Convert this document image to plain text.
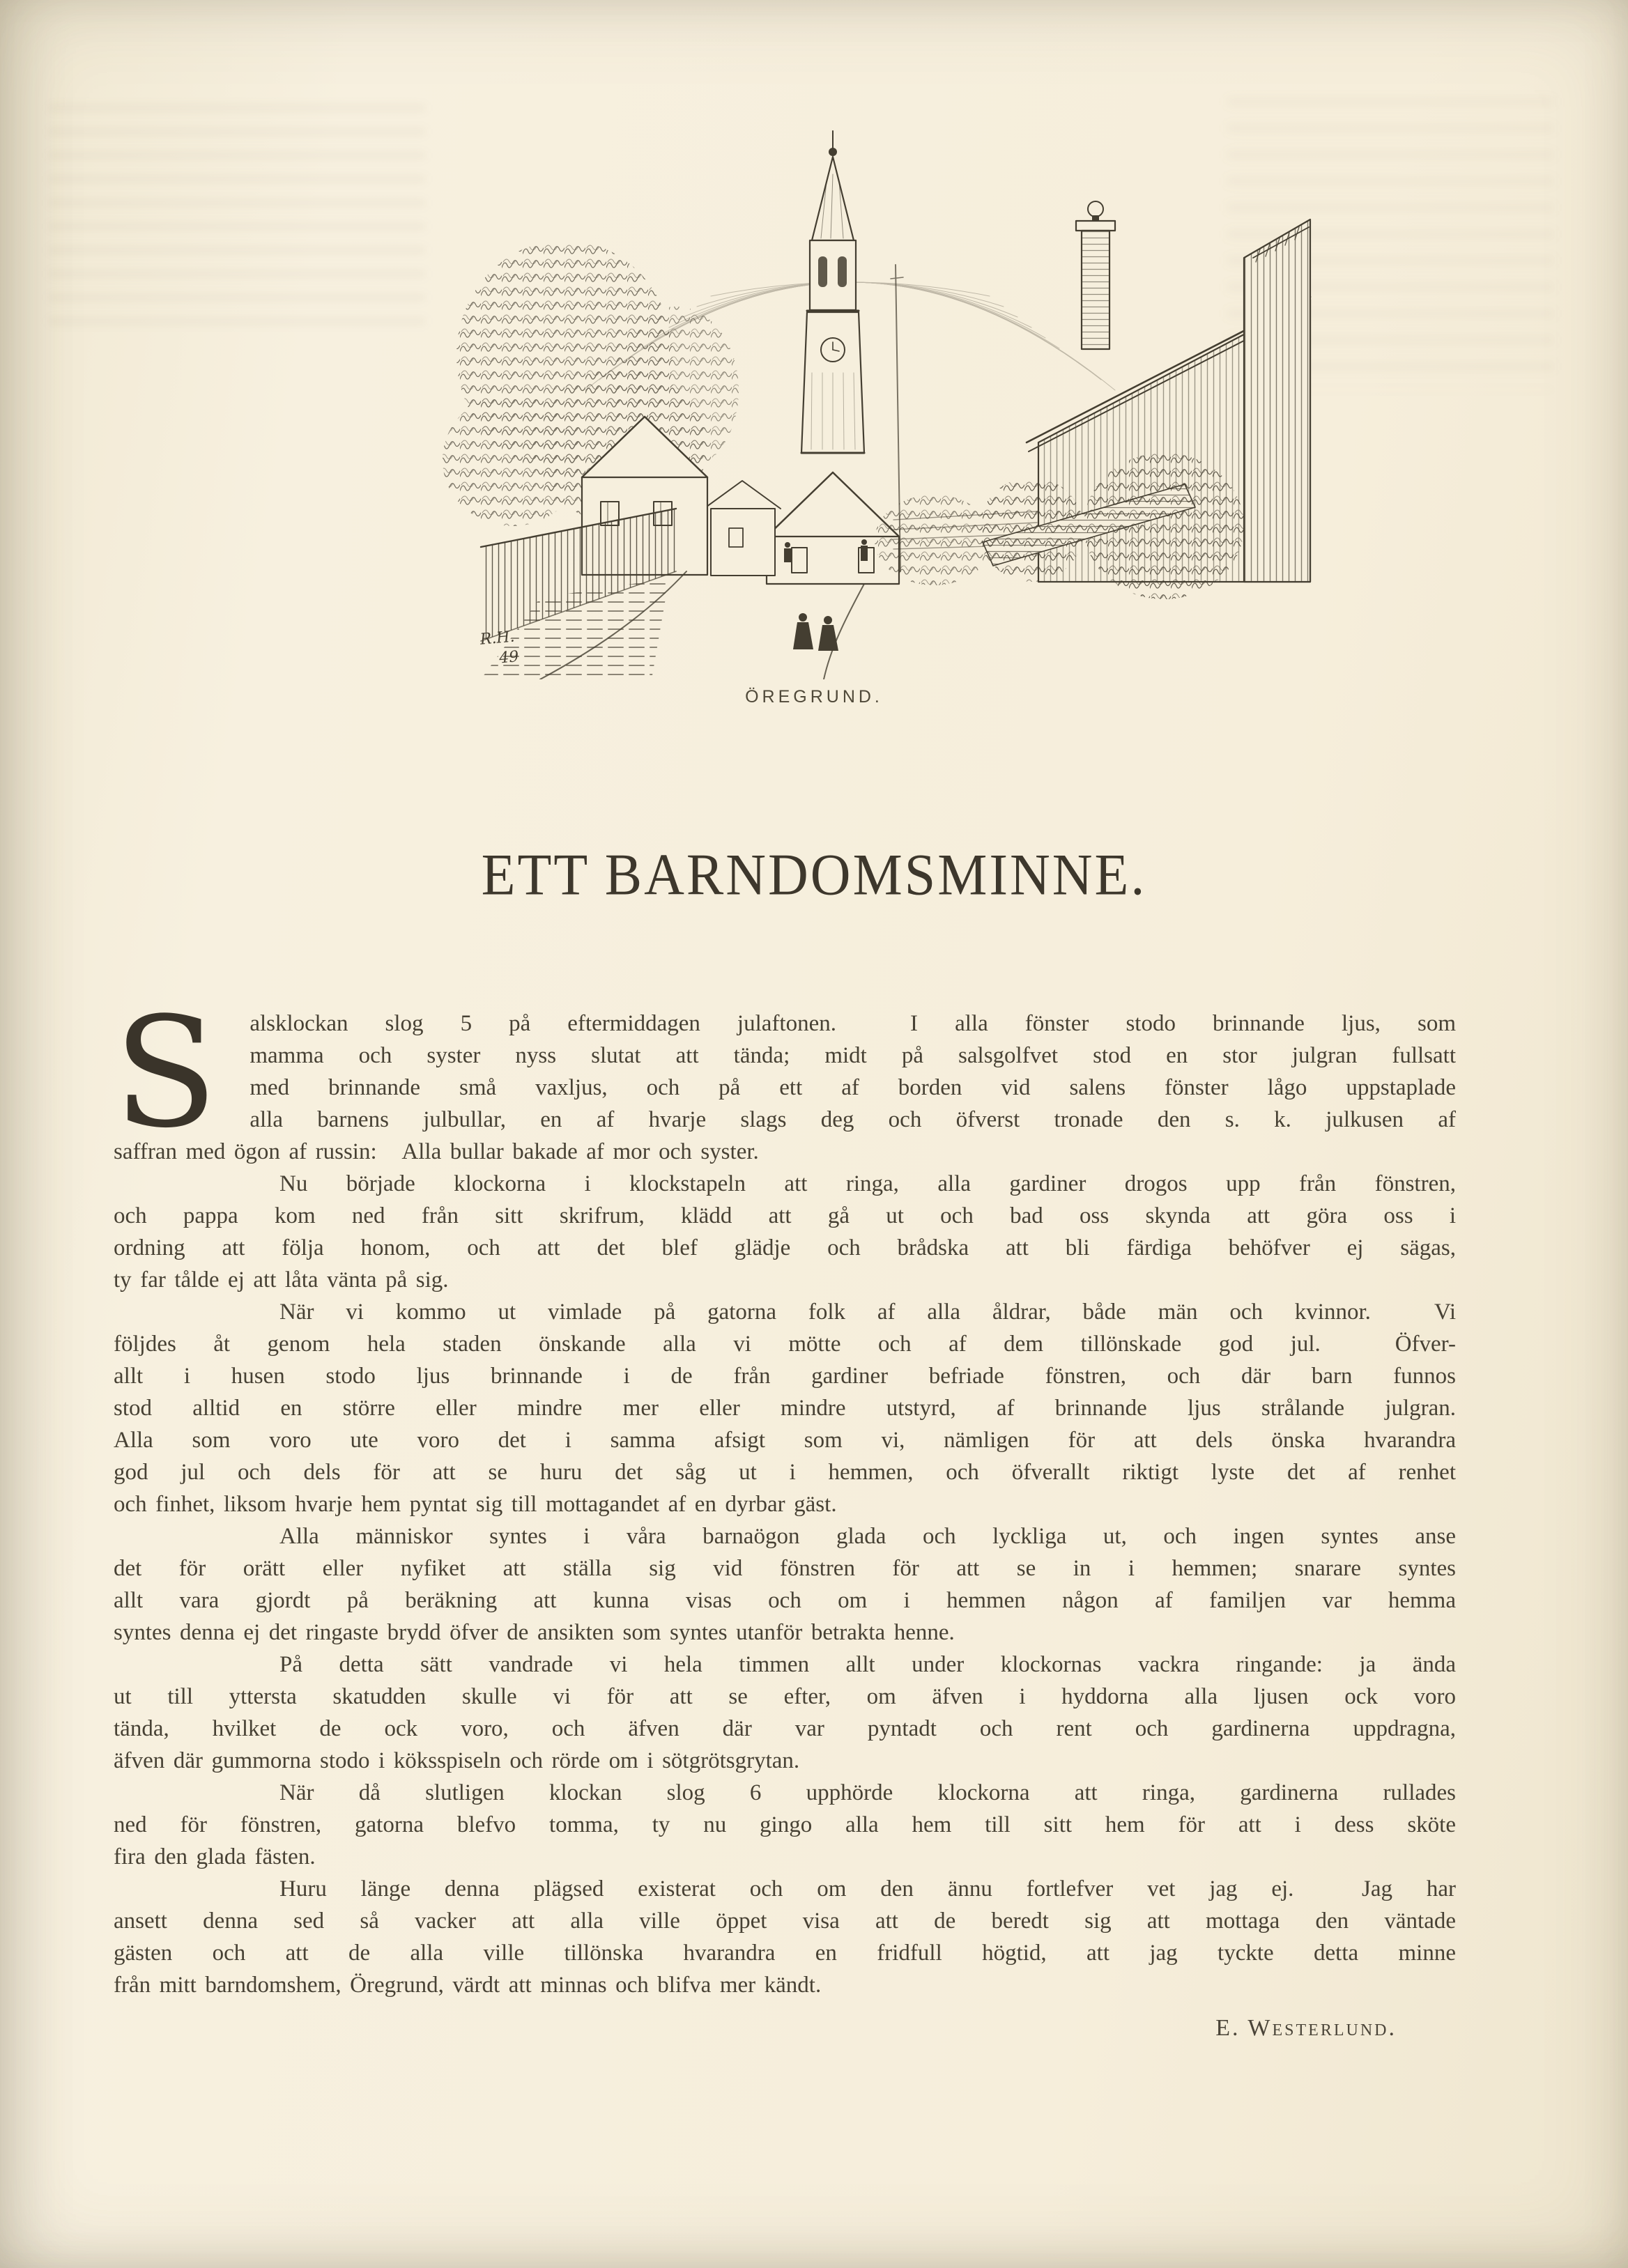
R.H.
49
ÖREGRUND.
ETT BARNDOMSMINNE.
S	alsklockan slog 5 på eftermiddagen julaftonen.  I alla fönster stodo brinnande ljus, som
mamma och syster nyss slutat att tända; midt på salsgolfvet stod en stor julgran fullsatt
med brinnande små vaxljus, och på ett af borden vid salens fönster lågo uppstaplade
alla barnens julbullar, en af hvarje slags deg och öfverst tronade den s. k. julkusen af
saffran med ögon af russin:   Alla bullar bakade af mor och syster.
Nu började klockorna i klockstapeln att ringa, alla gardiner drogos upp från fönstren,
och pappa kom ned från sitt skrifrum, klädd att gå ut och bad oss skynda att göra oss i
ordning att följa honom, och att det blef glädje och brådska att bli färdiga behöfver ej sägas,
ty far tålde ej att låta vänta på sig.
När vi kommo ut vimlade på gatorna folk af alla åldrar, både män och kvinnor.  Vi
följdes åt genom hela staden önskande alla vi mötte och af dem tillönskade god jul.  Öfver-
allt i husen stodo ljus brinnande i de från gardiner befriade fönstren, och där barn funnos
stod alltid en större eller mindre mer eller mindre utstyrd, af brinnande ljus strålande julgran.
Alla som voro ute voro det i samma afsigt som vi, nämligen för att dels önska hvarandra
god jul och dels för att se huru det såg ut i hemmen, och öfverallt riktigt lyste det af renhet
och finhet, liksom hvarje hem pyntat sig till mottagandet af en dyrbar gäst.
Alla människor syntes i våra barnaögon glada och lyckliga ut, och ingen syntes anse
det för orätt eller nyfiket att ställa sig vid fönstren för att se in i hemmen; snarare syntes
allt vara gjordt på beräkning att kunna visas och om i hemmen någon af familjen var hemma
syntes denna ej det ringaste brydd öfver de ansikten som syntes utanför betrakta henne.
På detta sätt vandrade vi hela timmen allt under klockornas vackra ringande: ja ända
ut till yttersta skatudden skulle vi för att se efter, om äfven i hyddorna alla ljusen ock voro
tända, hvilket de ock voro, och äfven där var pyntadt och rent och gardinerna uppdragna,
äfven där gummorna stodo i köksspiseln och rörde om i sötgrötsgrytan.
När då slutligen klockan slog 6 upphörde klockorna att ringa, gardinerna rullades
ned för fönstren, gatorna blefvo tomma, ty nu gingo alla hem till sitt hem för att i dess sköte
fira den glada fästen.
Huru länge denna plägsed existerat och om den ännu fortlefver vet jag ej.  Jag har
ansett denna sed så vacker att alla ville öppet visa att de beredt sig att mottaga den väntade
gästen och att de alla ville tillönska hvarandra en fridfull högtid, att jag tyckte detta minne
från mitt barndomshem, Öregrund, värdt att minnas och blifva mer kändt.
E. Westerlund.
